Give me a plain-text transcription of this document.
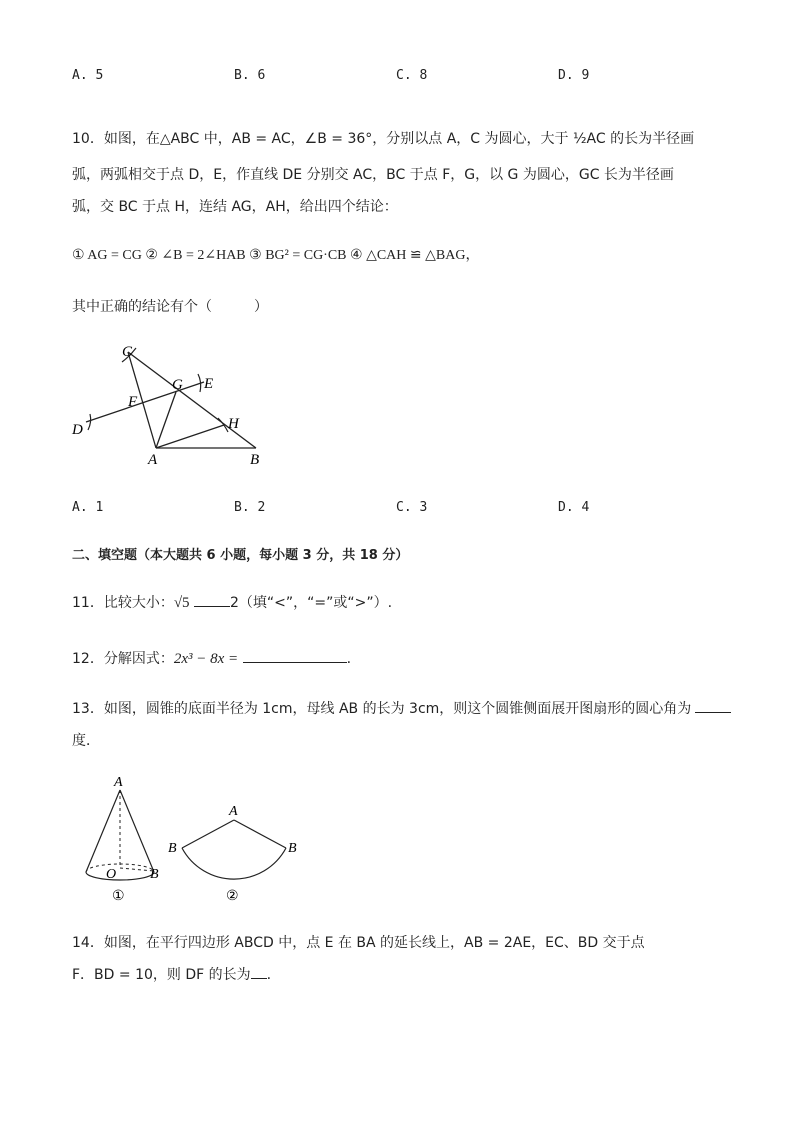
A. 5	B. 6	C. 8	D. 9
10．如图，在△ABC 中，AB = AC，∠B = 36°，分别以点 A，C 为圆心，大于 ½AC 的长为半径画
弧，两弧相交于点 D，E，作直线 DE 分别交 AC，BC 于点 F，G，以 G 为圆心，GC 长为半径画
弧，交 BC 于点 H，连结 AG，AH，给出四个结论：
① AG = CG ② ∠B = 2∠HAB ③ BG² = CG·CB ④ △CAH ≌ △BAG，
其中正确的结论有个（　　　）
C
G E
F
D	H
A	B
A. 1	B. 2	C. 3	D. 4
二、填空题（本大题共 6 小题，每小题 3 分，共 18 分）
11．比较大小：√5	2（填“<”，“=”或“>”）.
12．分解因式：2x³ − 8x =	.
13．如图，圆锥的底面半径为 1cm，母线 AB 的长为 3cm，则这个圆锥侧面展开图扇形的圆心角为
度．
A
O B
①
A
B	B
②
14．如图，在平行四边形 ABCD 中，点 E 在 BA 的延长线上，AB = 2AE，EC、BD 交于点
F．BD = 10，则 DF 的长为 .
